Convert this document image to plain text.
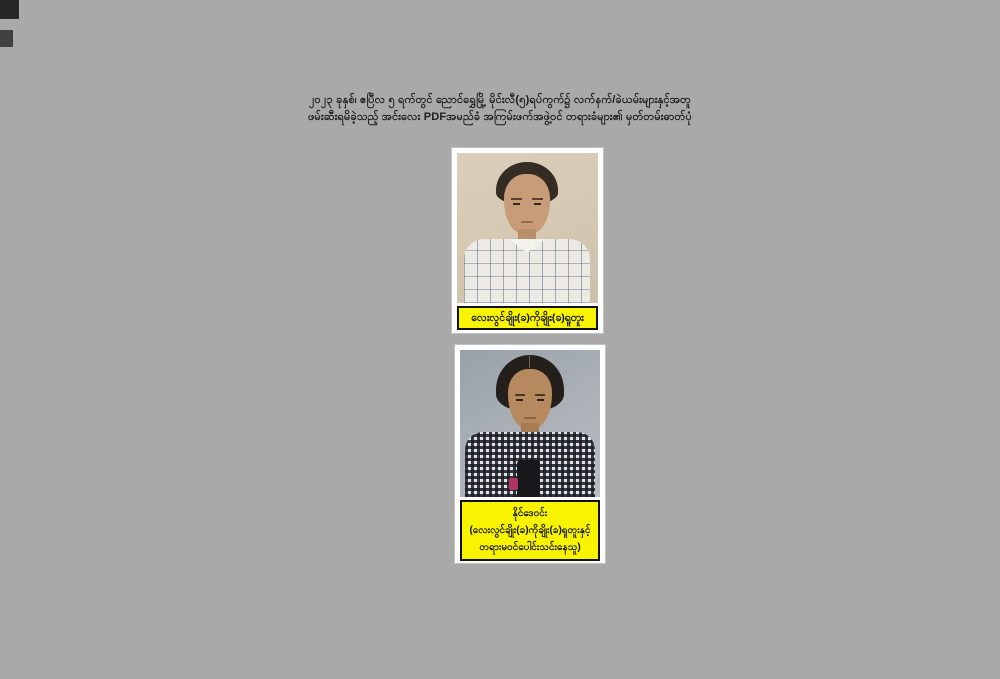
၂၀၂၃ ခုနှစ်၊ ဧပြီလ ၅ ရက်တွင် ညောင်ရွှေမြို့ မိုင်းလီ(၅)ရပ်ကွက်၌ လက်နက်/ခဲယမ်းများနှင့်အတူ
ဖမ်းဆီးရမိခဲ့သည့် အင်းလေး PDFအမည်ခံ အကြမ်းဖက်အဖွဲ့ဝင် တရားခံများ၏ မှတ်တမ်းဓာတ်ပုံ
လေးလွင်ချိုး(ခ)ကိုချိုး(ခ)ရူတူး
နိုင်ဒေဝင်း
(လေးလွင်ချိုး(ခ)ကိုချိုး(ခ)ရူတူးနှင့်
တရားမဝင်ပေါင်းသင်းနေသူ)
